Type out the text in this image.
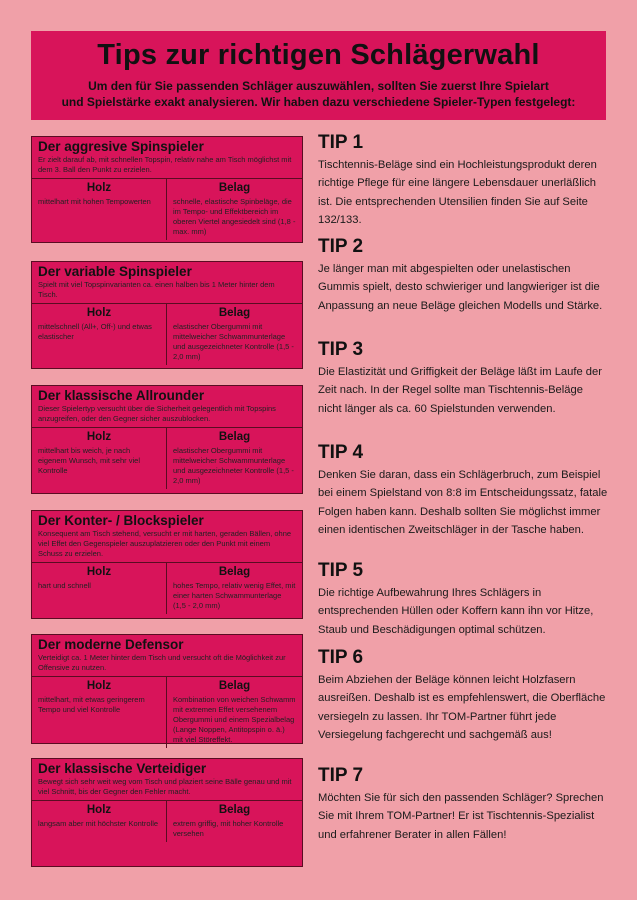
Tips zur richtigen Schlägerwahl

Um den für Sie passenden Schläger auszuwählen, sollten Sie zuerst Ihre Spielart
und Spielstärke exakt analysieren. Wir haben dazu verschiedene Spieler-Typen festgelegt:

Der aggresive Spinspieler
Er zielt darauf ab, mit schnellen Topspin, relativ nahe am Tisch möglichst mit dem 3. Ball den Punkt zu erzielen.
Holz
mittelhart mit hohen Tempowerten
Belag
schnelle, elastische Spinbeläge, die im Tempo- und Effektbereich im oberen Viertel angesiedelt sind (1,8 - max. mm)
Der variable Spinspieler
Spielt mit viel Topspinvarianten ca. einen halben bis 1 Meter hinter dem Tisch.
Holz
mittelschnell (All+, Off-) und etwas elastischer
Belag
elastischer Obergummi mit mittelweicher Schwammunterlage und ausgezeichneter Kontrolle (1,5 - 2,0 mm)
Der klassische Allrounder
Dieser Spielertyp versucht über die Sicherheit gelegentlich mit Topspins anzugreifen, oder den Gegner sicher auszublocken.
Holz
mittelhart bis weich, je nach eigenem Wunsch, mit sehr viel Kontrolle
Belag
elastischer Obergummi mit mittelweicher Schwammunterlage und ausgezeichneter Kontrolle (1,5 - 2,0 mm)
Der Konter- / Blockspieler
Konsequent am Tisch stehend, versucht er mit harten, geraden Bällen, ohne viel Effet den Gegenspieler auszuplatzieren oder den Punkt mit einem Schuss zu erzielen.
Holz
hart und schnell
Belag
hohes Tempo, relativ wenig Effet, mit einer harten Schwammunterlage (1,5 - 2,0 mm)
Der moderne Defensor
Verteidigt ca. 1 Meter hinter dem Tisch und versucht oft die Möglichkeit zur Offensive zu nutzen.
Holz
mittelhart, mit etwas geringerem Tempo und viel Kontrolle
Belag
Kombination von weichen Schwamm mit extremen Effet versehenem Obergummi und einem Spezialbelag (Lange Noppen, Antitopspin o. ä.) mit viel Störeffekt.
Der klassische Verteidiger
Bewegt sich sehr weit weg vom Tisch und plaziert seine Bälle genau und mit viel Schnitt, bis der Gegner den Fehler macht.
Holz
langsam aber mit höchster Kontrolle
Belag
extrem griffig, mit hoher Kontrolle versehen
TIP 1

Tischtennis-Beläge sind ein Hochleistungsprodukt deren richtige Pflege für eine längere Lebensdauer unerläßlich ist. Die entsprechenden Utensilien finden Sie auf Seite 132/133.

TIP 2

Je länger man mit abgespielten oder unelastischen Gummis spielt, desto schwieriger und langwieriger ist die Anpassung an neue Beläge gleichen Modells und Stärke.

TIP 3

Die Elastizität und Griffigkeit der Beläge läßt im Laufe der Zeit nach. In der Regel sollte man Tischtennis-Beläge nicht länger als ca. 60 Spielstunden verwenden.

TIP 4

Denken Sie daran, dass ein Schlägerbruch, zum Beispiel bei einem Spielstand von 8:8 im Entscheidungssatz, fatale Folgen haben kann. Deshalb sollten Sie möglichst immer einen identischen Zweitschläger in der Tasche haben.

TIP 5

Die richtige Aufbewahrung Ihres Schlägers in entsprechenden Hüllen oder Koffern kann ihn vor Hitze, Staub und Beschädigungen optimal schützen.

TIP 6

Beim Abziehen der Beläge können leicht Holzfasern ausreißen. Deshalb ist es empfehlenswert, die Oberfläche versiegeln zu lassen. Ihr TOM-Partner führt jede Versiegelung fachgerecht und sachgemäß aus!

TIP 7

Möchten Sie für sich den passenden Schläger? Sprechen Sie mit Ihrem TOM-Partner! Er ist Tischtennis-Spezialist und erfahrener Berater in allen Fällen!
